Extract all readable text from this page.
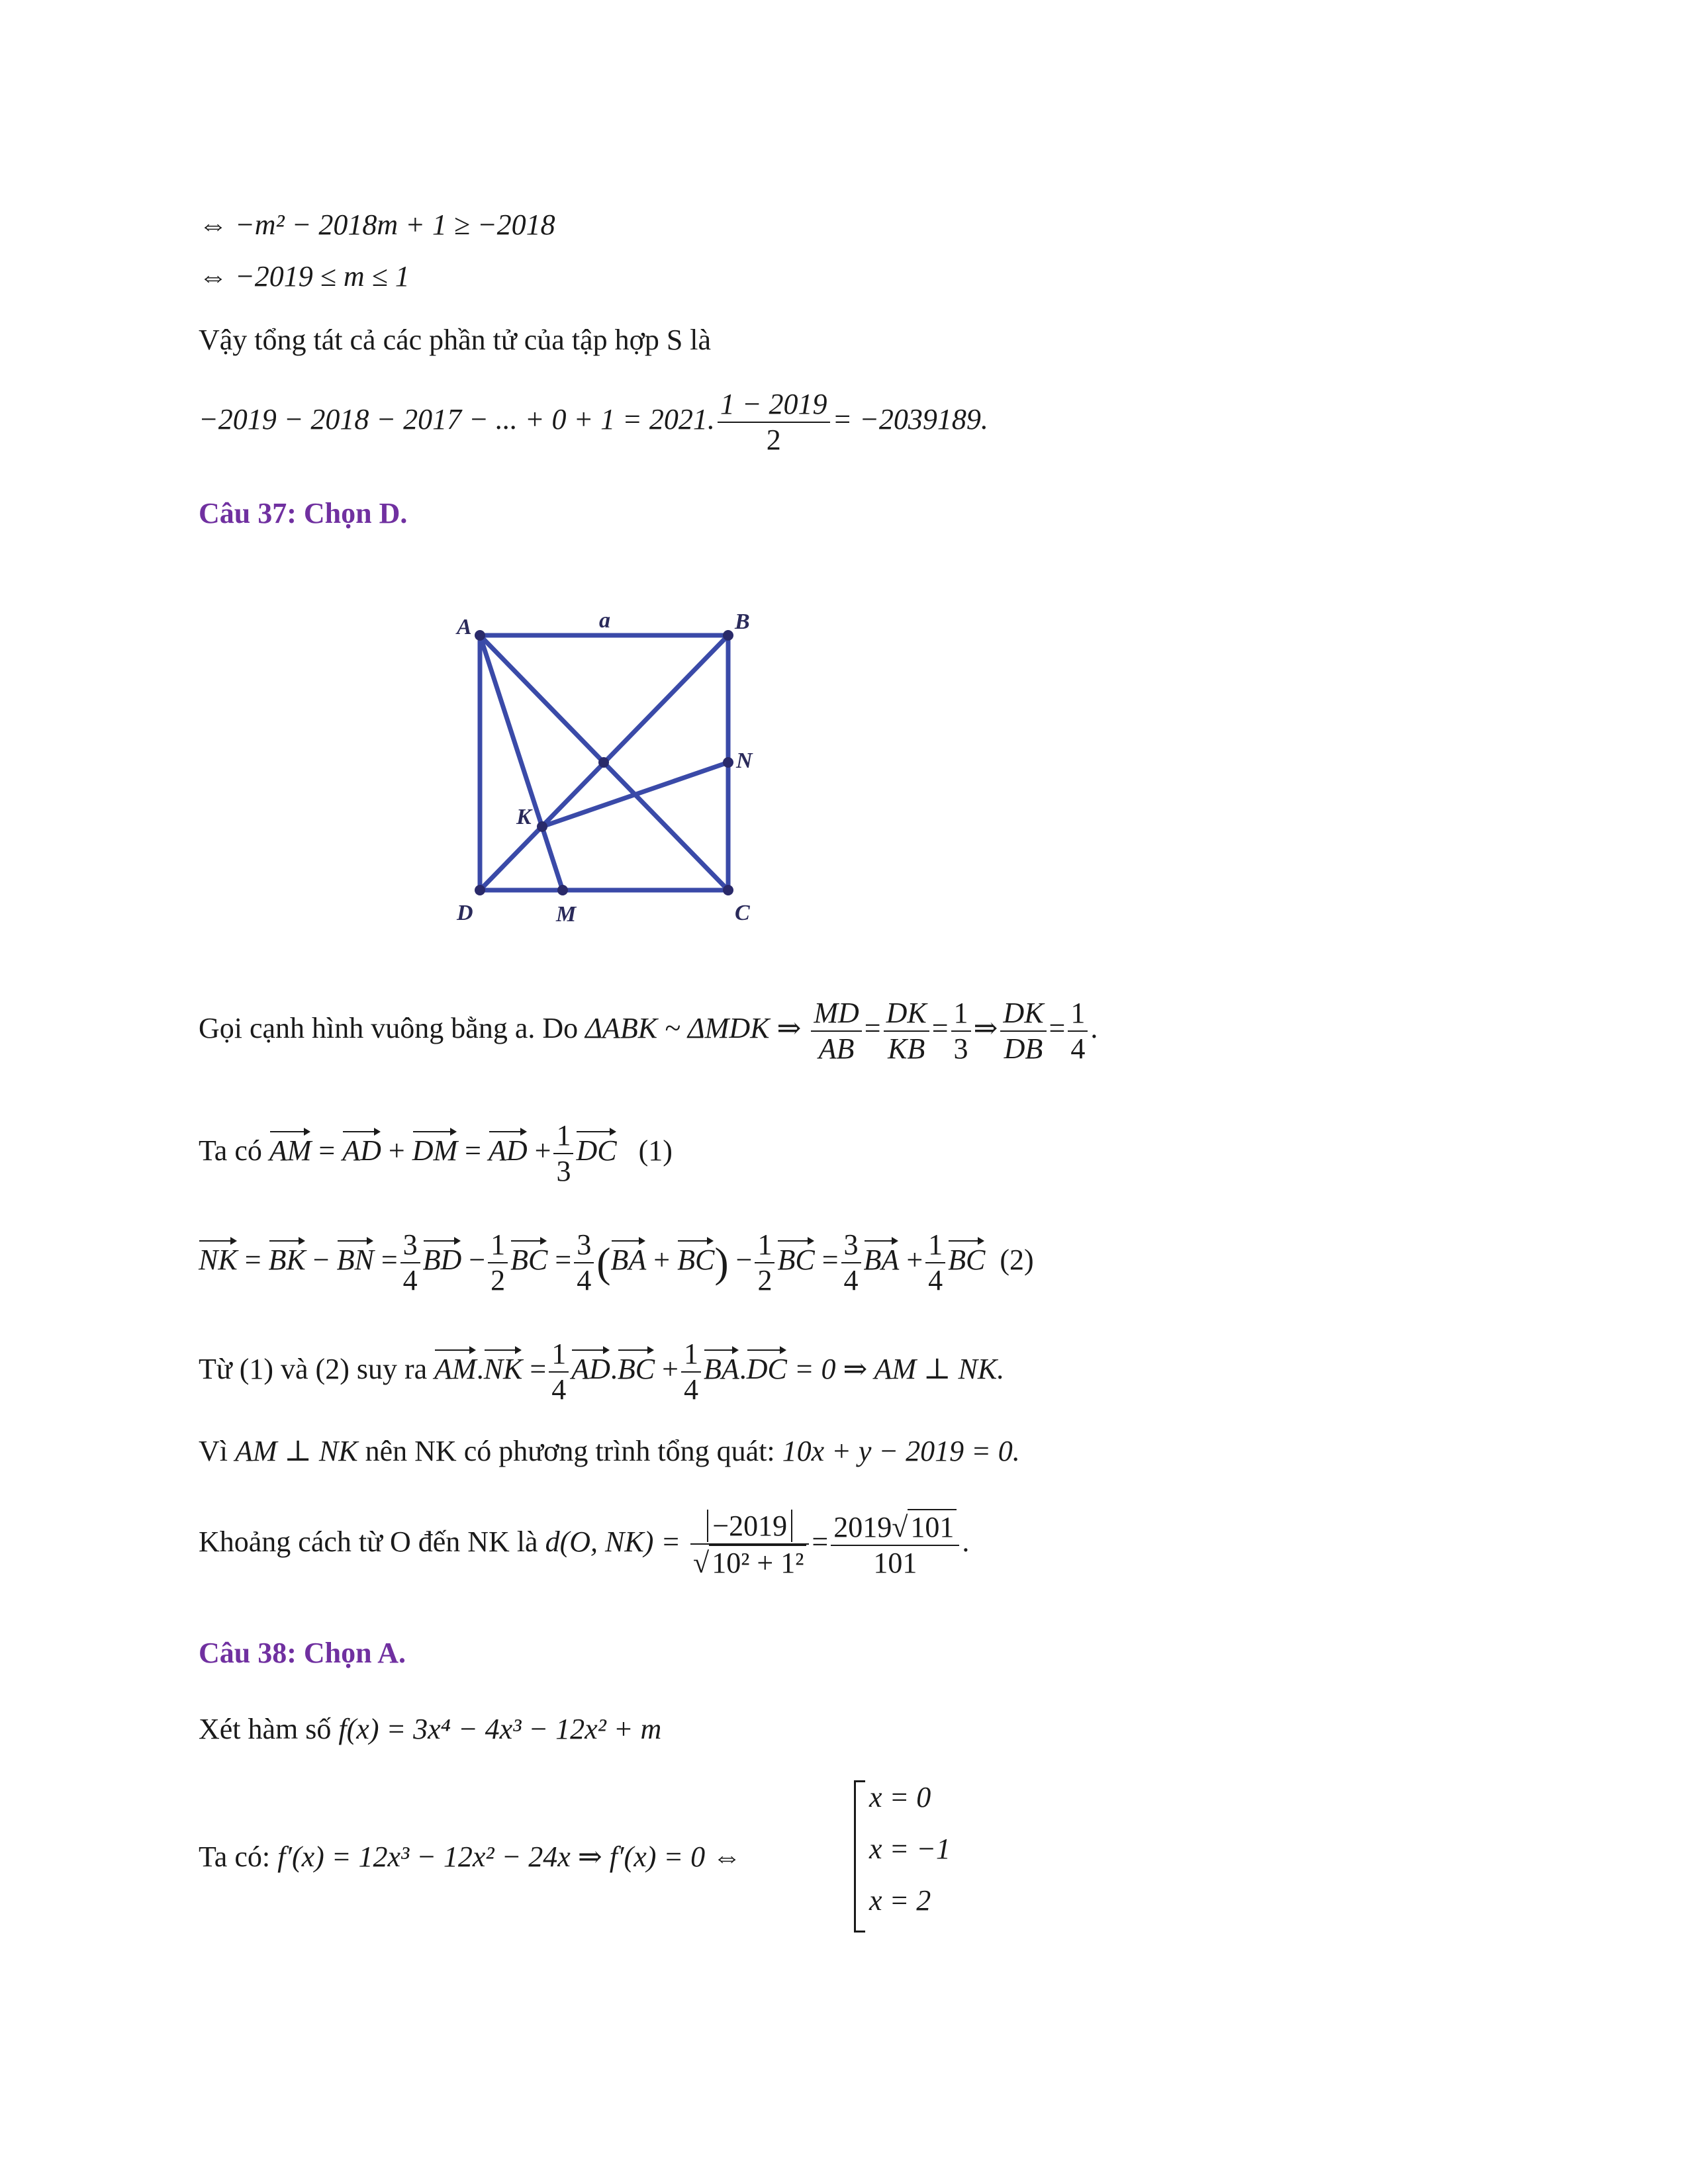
⇔ −m² − 2018m + 1 ≥ −2018
⇔ −2019 ≤ m ≤ 1
Vậy tổng tát cả các phần tử của tập hợp S là
−2019 − 2018 − 2017 − ... + 0 + 1 = 2021. $\frac{1 - 2019}{2} = -2039189$.
Câu 37: Chọn D.
A	B
C
D	M
N
K
a
Gọi cạnh hình vuông bằng a. Do ΔABK ~ ΔMDK ⇒ $\frac{MD}{AB} = \frac{DK}{KB} = \frac{1}{3}$ ⇒ $\frac{DK}{DB} = \frac{1}{4}$ .
Ta có AM = AD + DM = AD + $\frac{1}{3}$ DC (1)
NK = BK − BN = $\frac{3}{4}$ BD − $\frac{1}{2}$ BC = $\frac{3}{4} (BA + BC) - \frac{1}{2}$ BC = $\frac{3}{4}$ BA + $\frac{1}{4}$ BC (2)
Từ (1) và (2) suy ra $AM.NK = \frac{1}{4} AD.BC + \frac{1}{4} BA.DC = 0$ ⇒ AM ⊥ NK.
Vì AM ⊥ NK nên NK có phương trình tổng quát: 10x + y − 2019 = 0.
Khoảng cách từ O đến NK là d(O, $NK) = \frac{-2019}{\text{√10² + 1²}} = \frac{2019√101}{101}$ .
Câu 38: Chọn A.
Xét hàm số f(x) = 3x⁴ − 4x³ − 12x² + m
Ta có: f′(x) = 12x³ − 12x² − 24x ⇒ f′(x) = 0 ⇔
x = 0
x = −1
x = 2
